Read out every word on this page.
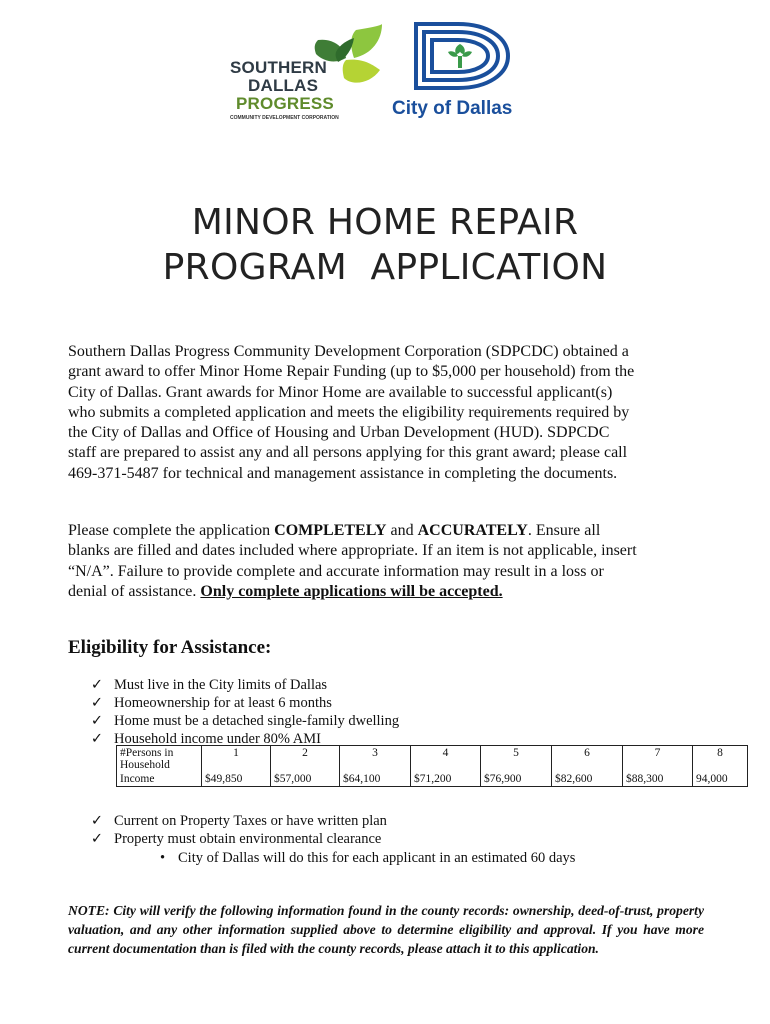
SOUTHERN
DALLAS
PROGRESS
COMMUNITY DEVELOPMENT CORPORATION	City of Dallas
MINOR HOME REPAIR
PROGRAM  APPLICATION
Southern Dallas Progress Community Development Corporation (SDPCDC) obtained a
grant award to offer Minor Home Repair Funding (up to $5,000 per household) from the
City of Dallas. Grant awards for Minor Home are available to successful applicant(s)
who submits a completed application and meets the eligibility requirements required by
the City of Dallas and Office of Housing and Urban Development (HUD). SDPCDC
staff are prepared to assist any and all persons applying for this grant award; please call
469-371-5487 for technical and management assistance in completing the documents.
Please complete the application COMPLETELY and ACCURATELY. Ensure all
blanks are filled and dates included where appropriate. If an item is not applicable, insert
“N/A”. Failure to provide complete and accurate information may result in a loss or
denial of assistance. Only complete applications will be accepted.
Eligibility for Assistance:
✓ Must live in the City limits of Dallas
✓ Homeownership for at least 6 months
✓ Home must be a detached single-family dwelling
✓ Household income under 80% AMI
#Persons in
Household	1	2	3	4	5	6	7	8
Income	$49,850	$57,000	$64,100	$71,200	$76,900	$82,600	$88,300	94,000
✓ Current on Property Taxes or have written plan
✓ Property must obtain environmental clearance
• City of Dallas will do this for each applicant in an estimated 60 days

NOTE: City will verify the following information found in the county records: ownership, deed-of-trust, property valuation, and any other information supplied above to determine eligibility and approval. If you have more current documentation than is filed with the county records, please attach it to this application.
